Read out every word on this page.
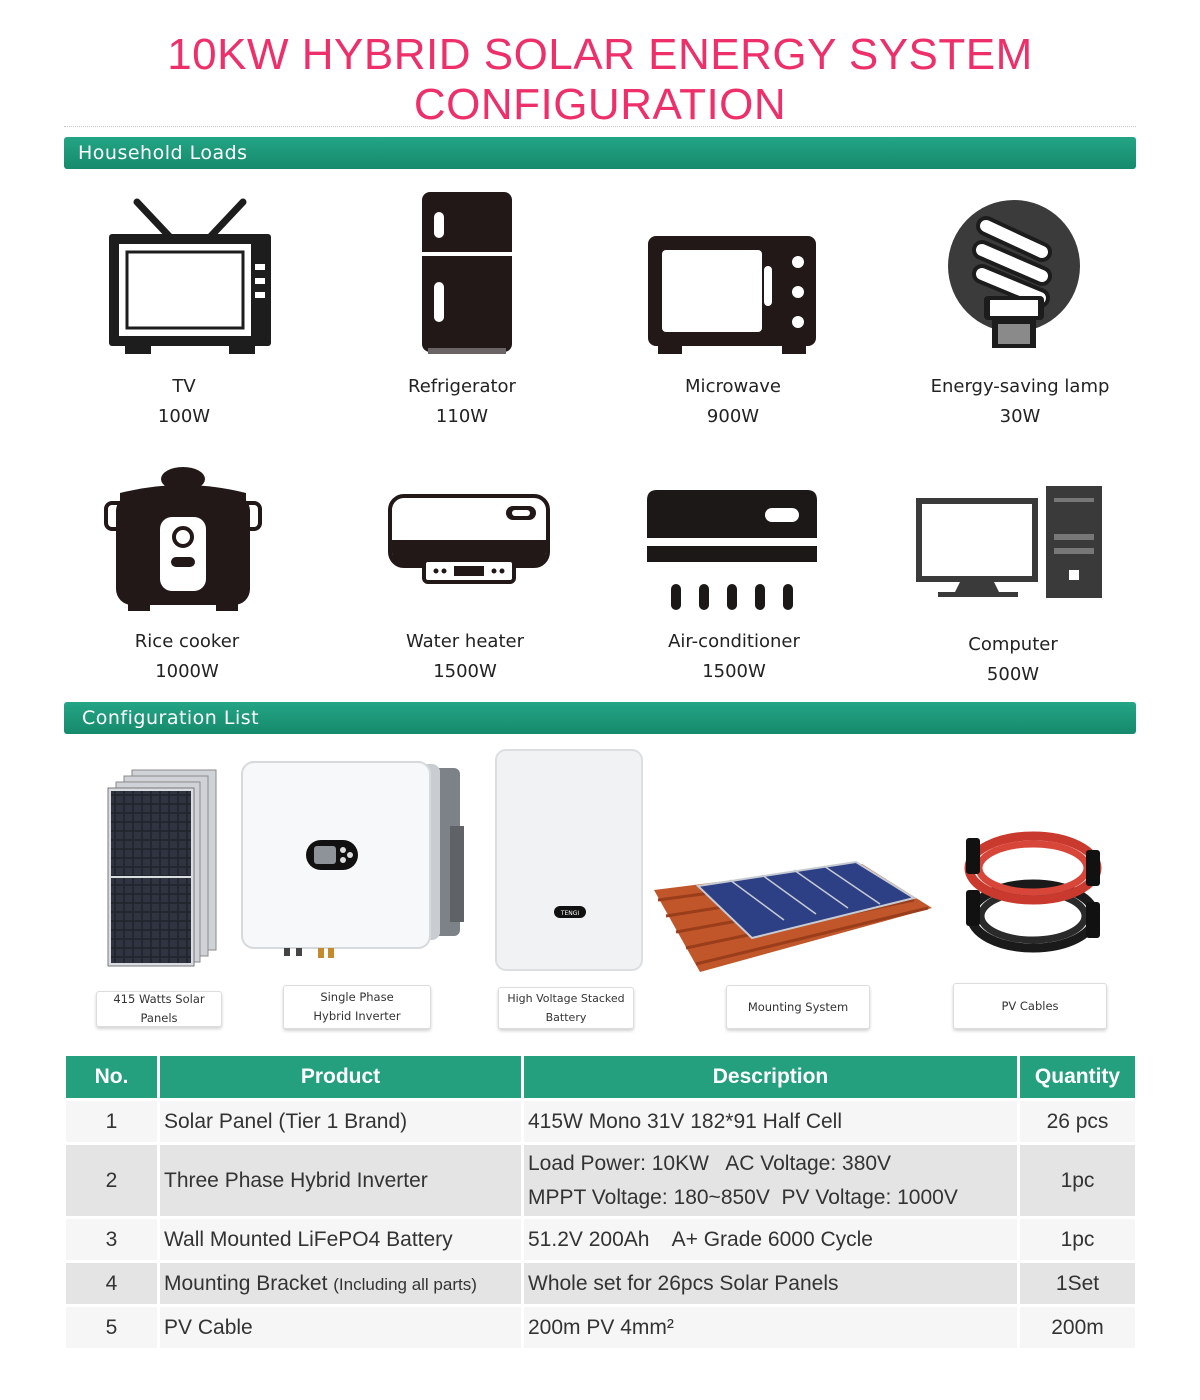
10KW HYBRID SOLAR ENERGY SYSTEM CONFIGURATION
Household Loads
TV
100W
Refrigerator
110W
Microwave
900W
Energy-saving lamp
30W
Rice cooker
1000W
Water heater
1500W
Air-conditioner
1500W
Computer
500W
Configuration List
TENGI
415 Watts Solar Panels
Single Phase
Hybrid Inverter
High Voltage Stacked
Battery
Mounting System	PV Cables
No.	Product	Description	Quantity
1	Solar Panel (Tier 1 Brand)	415W Mono 31V 182*91 Half Cell	26 pcs
2	Three Phase Hybrid Inverter	Load Power: 10KW   AC Voltage: 380V
MPPT Voltage: 180~850V  PV Voltage: 1000V	1pc
3	Wall Mounted LiFePO4 Battery	51.2V 200Ah    A+ Grade 6000 Cycle	1pc
4	Mounting Bracket (Including all parts)	Whole set for 26pcs Solar Panels	1Set
5	PV Cable	200m PV 4mm²	200m
